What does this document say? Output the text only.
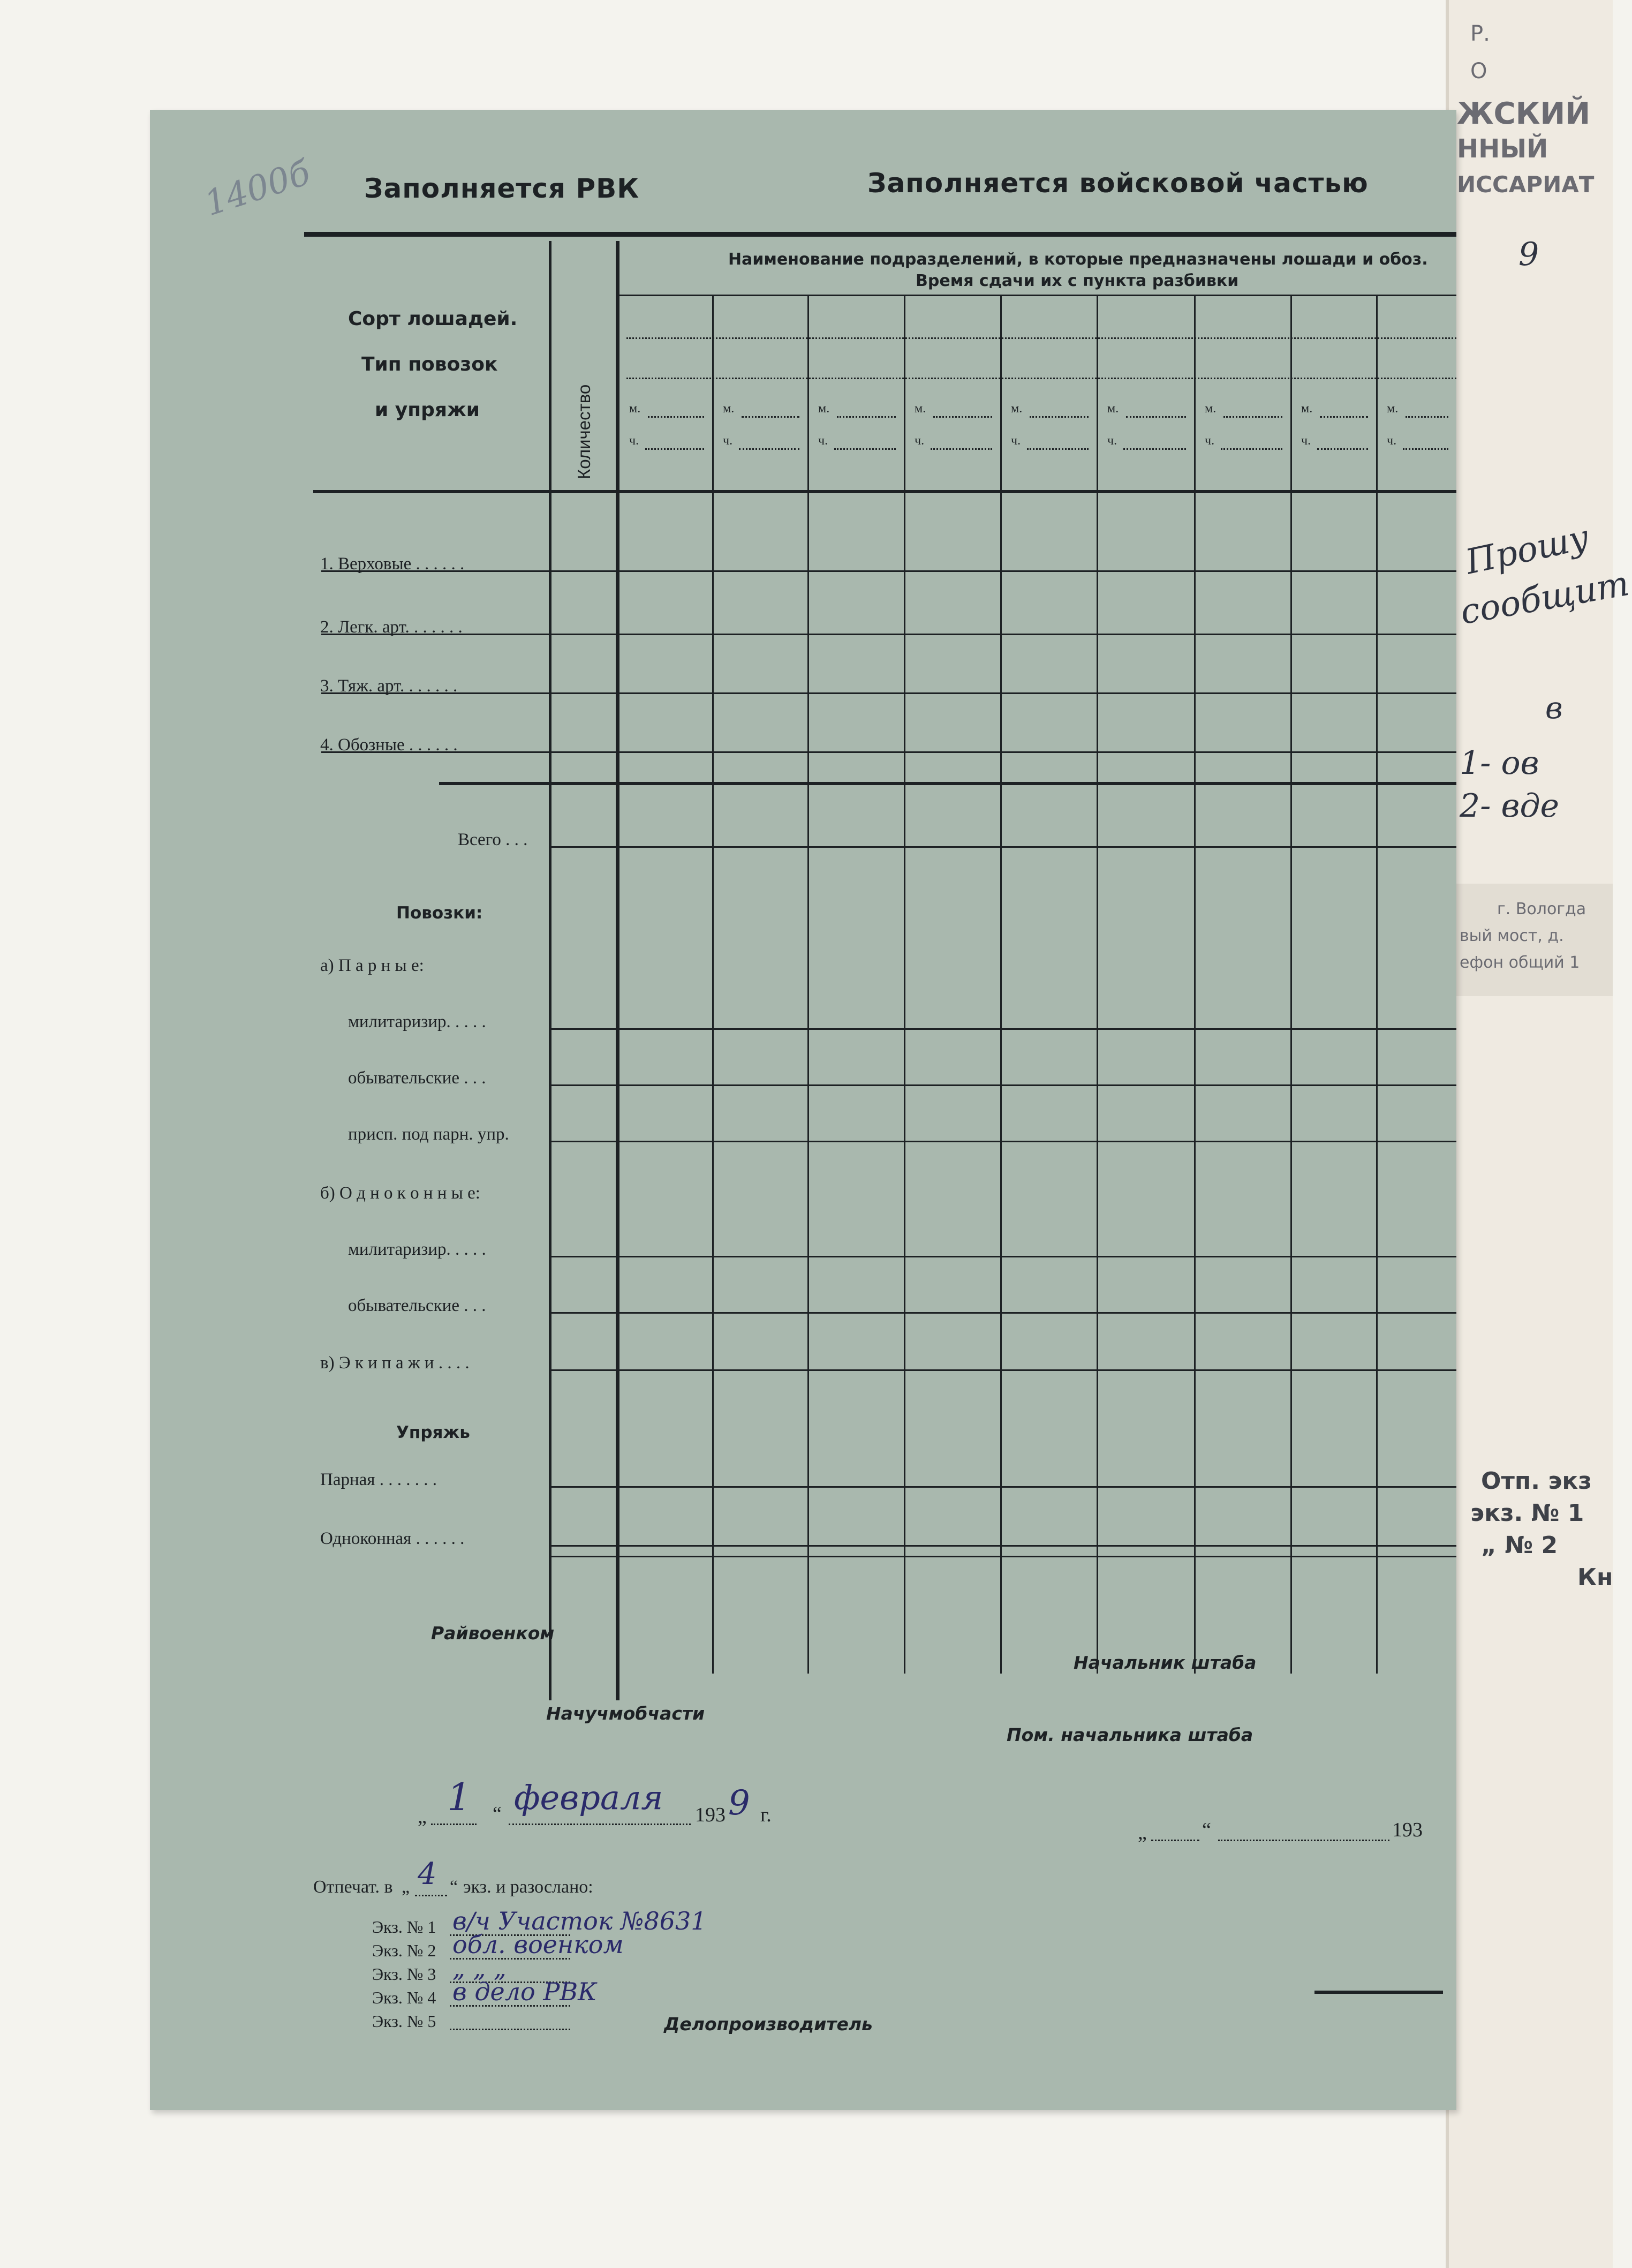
Р.
О
ЖСКИЙ
ННЫЙ
ИССАРИАТ
9
Прошу
сообщит
в
1- ов
2- вде
г. Вологда
вый мост, д.
ефон общий 1
Отп. экз
экз. № 1
„ № 2
Кн
1400б Заполняется РВК	Заполняется войсковой частью
Сорт лошадей.
Тип повозок
и упряжи	Количество
Наименование подразделений, в которые предназначены лошади и обоз.
Время сдачи их с пункта разбивки
м.
ч.
м.
ч.
м.
ч.
м.
ч.
м.
ч.
м.
ч.
м.
ч.
м.
ч.
м.
ч.
1. Верховые . . . . . .
2. Легк. арт. . . . . . .
3. Тяж. арт. . . . . . .
4. Обозные . . . . . .
Всего . . .
Повозки:
а) П а р н ы е:
милитаризир. . . . .
обывательские . . .
присп. под парн. упр.
б) О д н о к о н н ы е:
милитаризир. . . . .
обывательские . . .
в) Э к и п а ж и . . . .
Упряжь
Парная . . . . . . .
Одноконная . . . . . .
Райвоенком
Начальник штаба
Начучмобчасти
Пом. начальника штаба
„ 1 “ февраля 193 9 г.
„	“	193
Отпечат. в „ 4 “ экз. и разослано:
Экз. № 1 в/ч Участок №8631
Экз. № 2 обл. военком
Экз. № 3 „ „ „
Экз. № 4 в дело РВК
Экз. № 5	Делопроизводитель
